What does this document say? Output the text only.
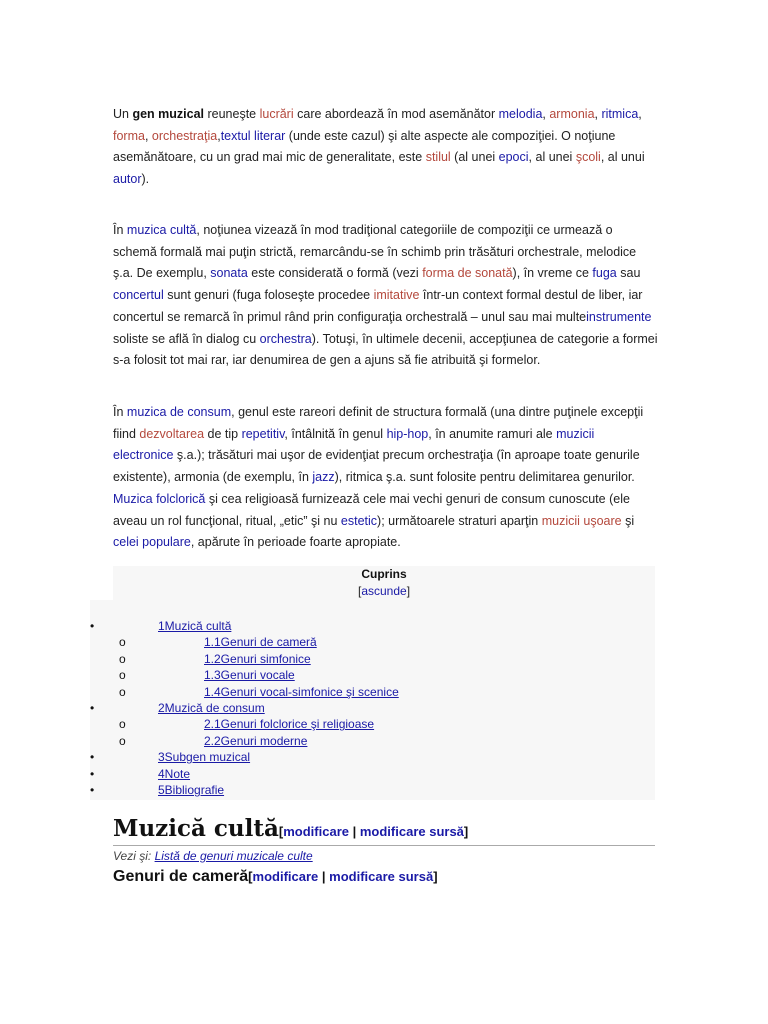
Un gen muzical reuneşte lucrări care abordează în mod asemănător melodia, armonia, ritmica, forma, orchestraţia,textul literar (unde este cazul) şi alte aspecte ale compoziţiei. O noţiune asemănătoare, cu un grad mai mic de generalitate, este stilul (al unei epoci, al unei şcoli, al unui autor).

În muzica cultă, noţiunea vizează în mod tradiţional categoriile de compoziţii ce urmează o schemă formală mai puţin strictă, remarcându-se în schimb prin trăsături orchestrale, melodice ş.a. De exemplu, sonata este considerată o formă (vezi forma de sonată), în vreme ce fuga sau concertul sunt genuri (fuga foloseşte procedee imitative într-un context formal destul de liber, iar concertul se remarcă în primul rând prin configuraţia orchestrală – unul sau mai multeinstrumente soliste se află în dialog cu orchestra). Totuşi, în ultimele decenii, accepţiunea de categorie a formei s-a folosit tot mai rar, iar denumirea de gen a ajuns să fie atribuită şi formelor.

În muzica de consum, genul este rareori definit de structura formală (una dintre puţinele excepţii fiind dezvoltarea de tip repetitiv, întâlnită în genul hip-hop, în anumite ramuri ale muzicii electronice ş.a.); trăsături mai uşor de evidenţiat precum orchestraţia (în aproape toate genurile existente), armonia (de exemplu, în jazz), ritmica ş.a. sunt folosite pentru delimitarea genurilor. Muzica folclorică şi cea religioasă furnizează cele mai vechi genuri de consum cunoscute (ele aveau un rol funcţional, ritual, „etic” şi nu estetic); următoarele straturi aparţin muzicii uşoare şi celei populare, apărute în perioade foarte apropiate.

Cuprins
[ascunde]
•	1Muzică cultă
o	1.1Genuri de cameră
o	1.2Genuri simfonice
o	1.3Genuri vocale
o	1.4Genuri vocal-simfonice şi scenice
•	2Muzică de consum
o	2.1Genuri folclorice şi religioase
o	2.2Genuri moderne
•	3Subgen muzical
•	4Note
•	5Bibliografie
Muzică cultă[modificare | modificare sursă]
Vezi şi: Listă de genuri muzicale culte
Genuri de cameră[modificare | modificare sursă]
